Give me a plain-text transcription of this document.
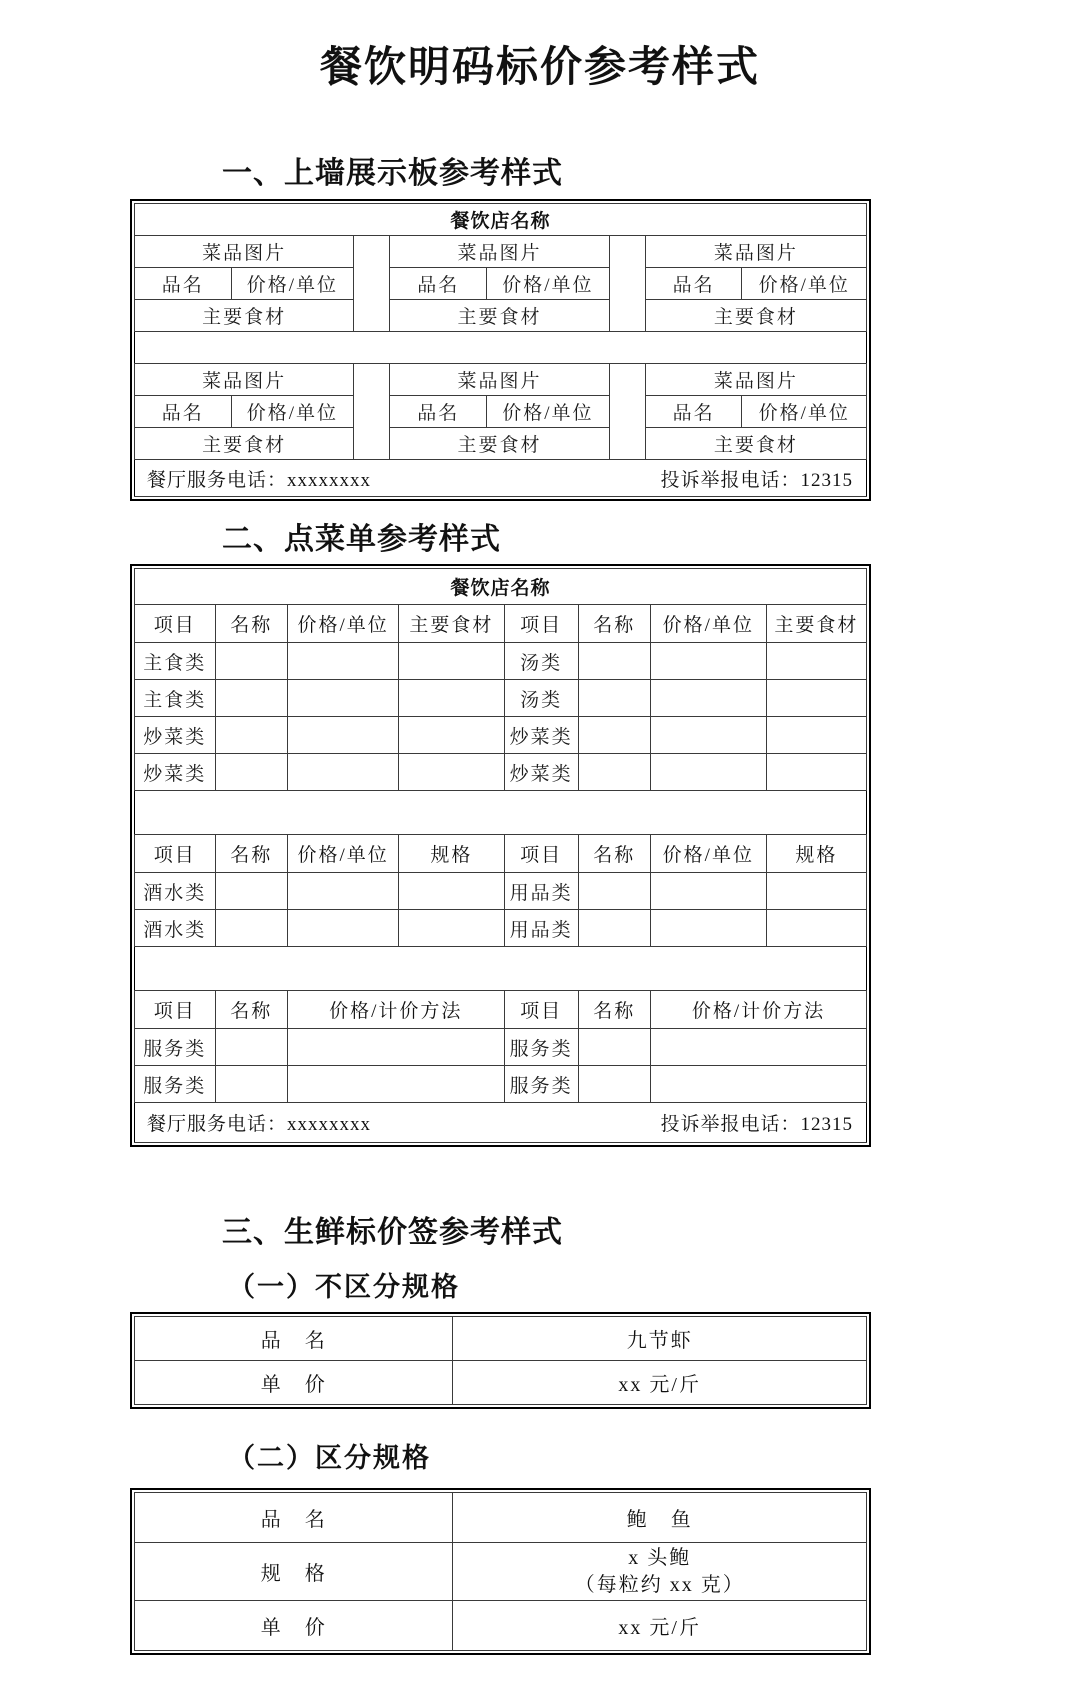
餐饮明码标价参考样式
一、上墙展示板参考样式
餐饮店名称							
菜品图片			菜品图片			菜品图片	
品名	价格/单位		品名	价格/单位		品名	价格/单位
主要食材			主要食材			主要食材	

菜品图片			菜品图片			菜品图片	
品名	价格/单位		品名	价格/单位		品名	价格/单位
主要食材			主要食材			主要食材	

餐厅服务电话：xxxxxxxx 投诉举报电话：12315							
二、点菜单参考样式
餐饮店名称							
项目	名称	价格/单位	主要食材	项目	名称	价格/单位	主要食材
主食类				汤类			
主食类				汤类			
炒菜类				炒菜类			
炒菜类				炒菜类			

项目	名称	价格/单位	规格	项目	名称	价格/单位	规格
酒水类				用品类			
酒水类				用品类			

项目	名称	价格/计价方法		项目	名称	价格/计价方法	
服务类				服务类			
服务类				服务类			

餐厅服务电话：xxxxxxxx 投诉举报电话：12315							
三、生鲜标价签参考样式
（一）不区分规格
品　名	九节虾
单　价	xx 元/斤
（二）区分规格
品　名	鲍　鱼
规　格	x 头鲍
（每粒约 xx 克）

单　价	xx 元/斤
